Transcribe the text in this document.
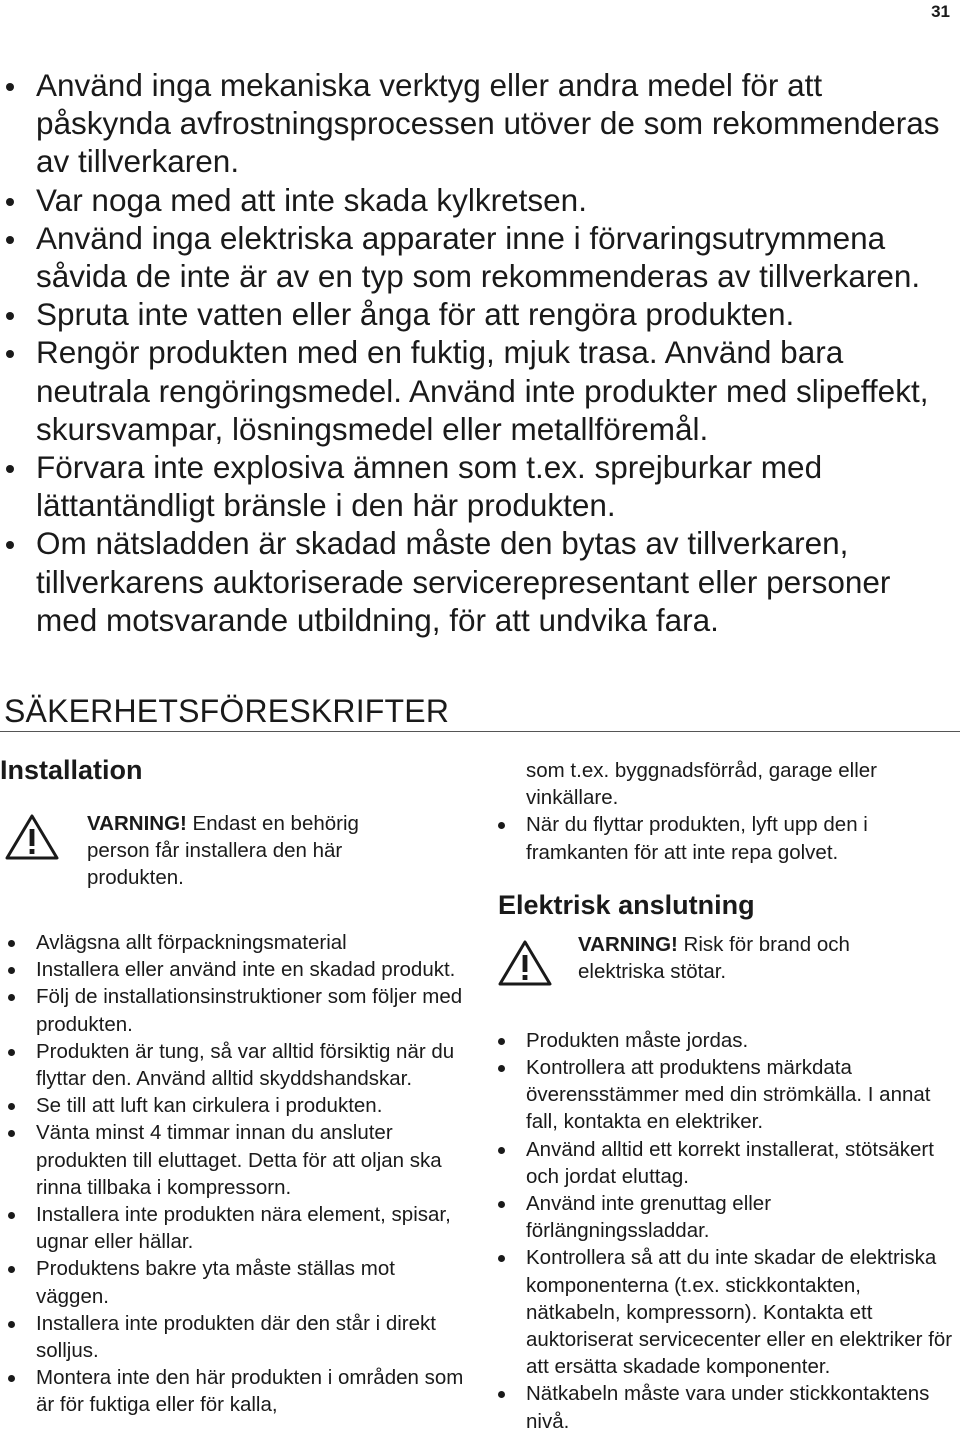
31
Använd inga mekaniska verktyg eller andra medel för att påskynda avfrostningsprocessen utöver de som rekommenderas av tillverkaren.
Var noga med att inte skada kylkretsen.
Använd inga elektriska apparater inne i förvaringsutrymmena såvida de inte är av en typ som rekommenderas av tillverkaren.
Spruta inte vatten eller ånga för att rengöra produkten.
Rengör produkten med en fuktig, mjuk trasa. Använd bara neutrala rengöringsmedel. Använd inte produkter med slipeffekt, skursvampar, lösningsmedel eller metallföremål.
Förvara inte explosiva ämnen som t.ex. sprejburkar med lättantändligt bränsle i den här produkten.
Om nätsladden är skadad måste den bytas av tillverkaren, tillverkarens auktoriserade servicerepresentant eller personer med motsvarande utbildning, för att undvika fara.
SÄKERHETSFÖRESKRIFTER
Installation
VARNING! Endast en behörig person får installera den här produkten.
Avlägsna allt förpackningsmaterial
Installera eller använd inte en skadad produkt.
Följ de installationsinstruktioner som följer med produkten.
Produkten är tung, så var alltid försiktig när du flyttar den. Använd alltid skyddshandskar.
Se till att luft kan cirkulera i produkten.
Vänta minst 4 timmar innan du ansluter produkten till eluttaget. Detta för att oljan ska rinna tillbaka i kompressorn.
Installera inte produkten nära element, spisar, ugnar eller hällar.
Produktens bakre yta måste ställas mot väggen.
Installera inte produkten där den står i direkt solljus.
Montera inte den här produkten i områden som är för fuktiga eller för kalla,
som t.ex. byggnadsförråd, garage eller vinkällare.
När du flyttar produkten, lyft upp den i framkanten för att inte repa golvet.
Elektrisk anslutning
VARNING! Risk för brand och elektriska stötar.
Produkten måste jordas.
Kontrollera att produktens märkdata överensstämmer med din strömkälla. I annat fall, kontakta en elektriker.
Använd alltid ett korrekt installerat, stötsäkert och jordat eluttag.
Använd inte grenuttag eller förlängningssladdar.
Kontrollera så att du inte skadar de elektriska komponenterna (t.ex. stickkontakten, nätkabeln, kompressorn). Kontakta ett auktoriserat servicecenter eller en elektriker för att ersätta skadade komponenter.
Nätkabeln måste vara under stickkontaktens nivå.
